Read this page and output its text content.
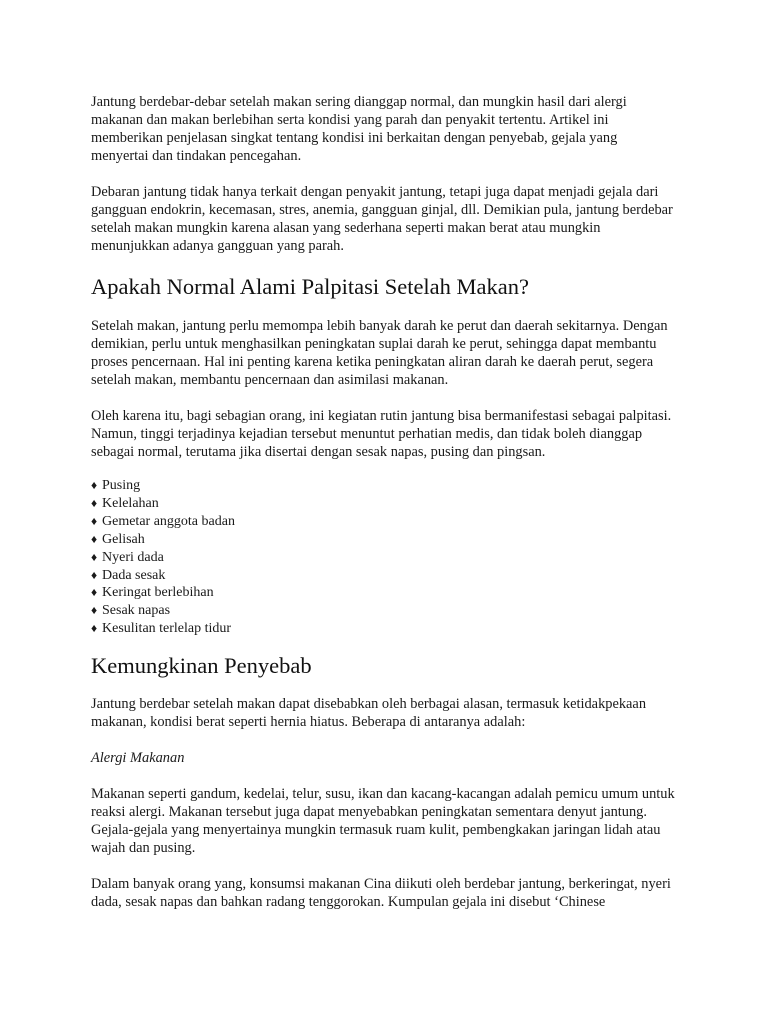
Jantung berdebar-debar setelah makan sering dianggap normal, dan mungkin hasil dari alergi makanan dan makan berlebihan serta kondisi yang parah dan penyakit tertentu. Artikel ini memberikan penjelasan singkat tentang kondisi ini berkaitan dengan penyebab, gejala yang menyertai dan tindakan pencegahan.

Debaran jantung tidak hanya terkait dengan penyakit jantung, tetapi juga dapat menjadi gejala dari gangguan endokrin, kecemasan, stres, anemia, gangguan ginjal, dll. Demikian pula, jantung berdebar setelah makan mungkin karena alasan yang sederhana seperti makan berat atau mungkin menunjukkan adanya gangguan yang parah.

Apakah Normal Alami Palpitasi Setelah Makan?

Setelah makan, jantung perlu memompa lebih banyak darah ke perut dan daerah sekitarnya. Dengan demikian, perlu untuk menghasilkan peningkatan suplai darah ke perut, sehingga dapat membantu proses pencernaan. Hal ini penting karena ketika peningkatan aliran darah ke daerah perut, segera setelah makan, membantu pencernaan dan asimilasi makanan.

Oleh karena itu, bagi sebagian orang, ini kegiatan rutin jantung bisa bermanifestasi sebagai palpitasi. Namun, tinggi terjadinya kejadian tersebut menuntut perhatian medis, dan tidak boleh dianggap sebagai normal, terutama jika disertai dengan sesak napas, pusing dan pingsan.

♦ Pusing
♦ Kelelahan
♦ Gemetar anggota badan
♦ Gelisah
♦ Nyeri dada
♦ Dada sesak
♦ Keringat berlebihan
♦ Sesak napas
♦ Kesulitan terlelap tidur
Kemungkinan Penyebab

Jantung berdebar setelah makan dapat disebabkan oleh berbagai alasan, termasuk ketidakpekaan makanan, kondisi berat seperti hernia hiatus. Beberapa di antaranya adalah:

Alergi Makanan

Makanan seperti gandum, kedelai, telur, susu, ikan dan kacang-kacangan adalah pemicu umum untuk reaksi alergi. Makanan tersebut juga dapat menyebabkan peningkatan sementara denyut jantung. Gejala-gejala yang menyertainya mungkin termasuk ruam kulit, pembengkakan jaringan lidah atau wajah dan pusing.

Dalam banyak orang yang, konsumsi makanan Cina diikuti oleh berdebar jantung, berkeringat, nyeri dada, sesak napas dan bahkan radang tenggorokan. Kumpulan gejala ini disebut ‘Chinese
